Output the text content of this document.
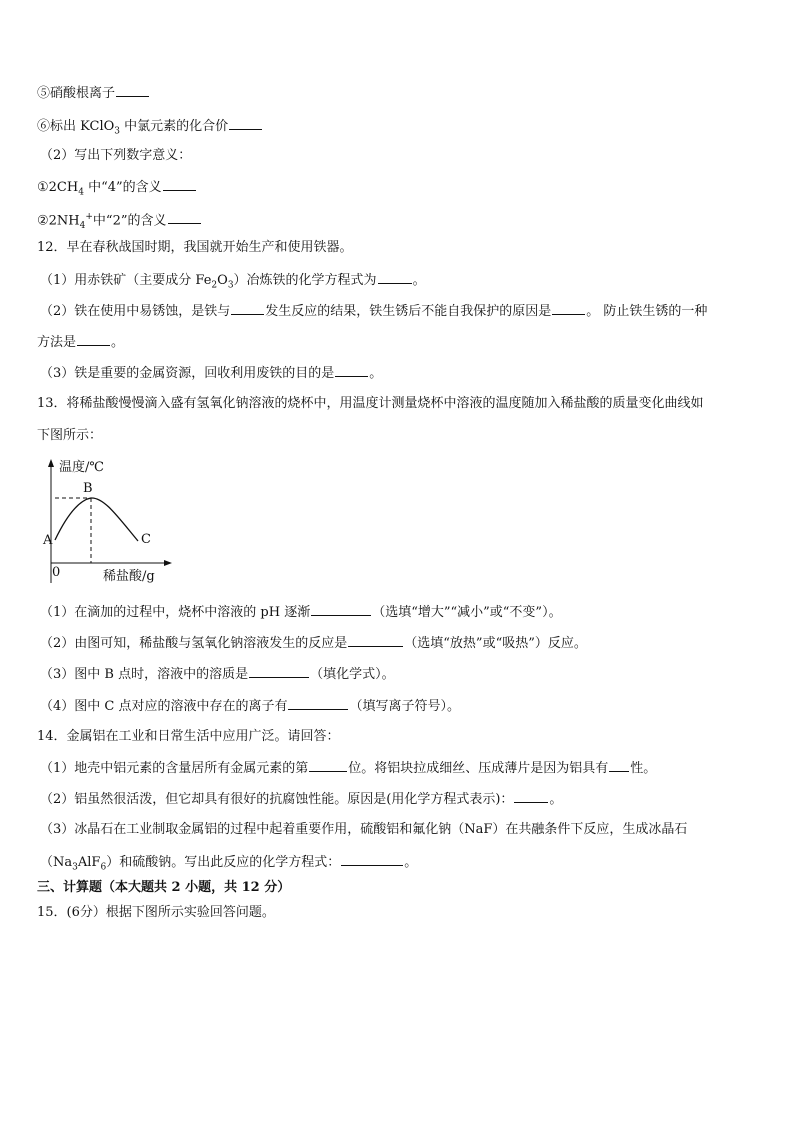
⑤硝酸根离子
⑥标出 KClO$_3$ 中氯元素的化合价
（2）写出下列数字意义：
$①2CH_4$ 中“4”的含义
$②2NH_4^+$中“2”的含义
12．早在春秋战国时期，我国就开始生产和使用铁器。
（1）用赤铁矿（主要成分 $Fe_2O_3$）冶炼铁的化学方程式为	。
（2）铁在使用中易锈蚀，是铁与	发生反应的结果，铁生锈后不能自我保护的原因是	。 防止铁生锈的一种
方法是	。
（3）铁是重要的金属资源，回收利用废铁的目的是	。
13．将稀盐酸慢慢滴入盛有氢氧化钠溶液的烧杯中，用温度计测量烧杯中溶液的温度随加入稀盐酸的质量变化曲线如
下图所示：
温度/℃
稀盐酸/g
0
A
B
C
（1）在滴加的过程中，烧杯中溶液的 pH 逐渐	（选填“增大”“减小”或“不变”）。
（2）由图可知，稀盐酸与氢氧化钠溶液发生的反应是	（选填“放热”或“吸热”）反应。
（3）图中 B 点时，溶液中的溶质是	（填化学式）。
（4）图中 C 点对应的溶液中存在的离子有	（填写离子符号）。
14．金属铝在工业和日常生活中应用广泛。请回答：
（1）地壳中铝元素的含量居所有金属元素的第	位。将铝块拉成细丝、压成薄片是因为铝具有 性。
（2）铝虽然很活泼，但它却具有很好的抗腐蚀性能。原因是(用化学方程式表示)：	。
（3）冰晶石在工业制取金属铝的过程中起着重要作用，硫酸铝和氟化钠（NaF）在共融条件下反应，生成冰晶石
$(Na_3AlF_6)$和硫酸钠。写出此反应的化学方程式：	。
三、计算题（本大题共 2 小题，共 12 分）
15．(6分）根据下图所示实验回答问题。
